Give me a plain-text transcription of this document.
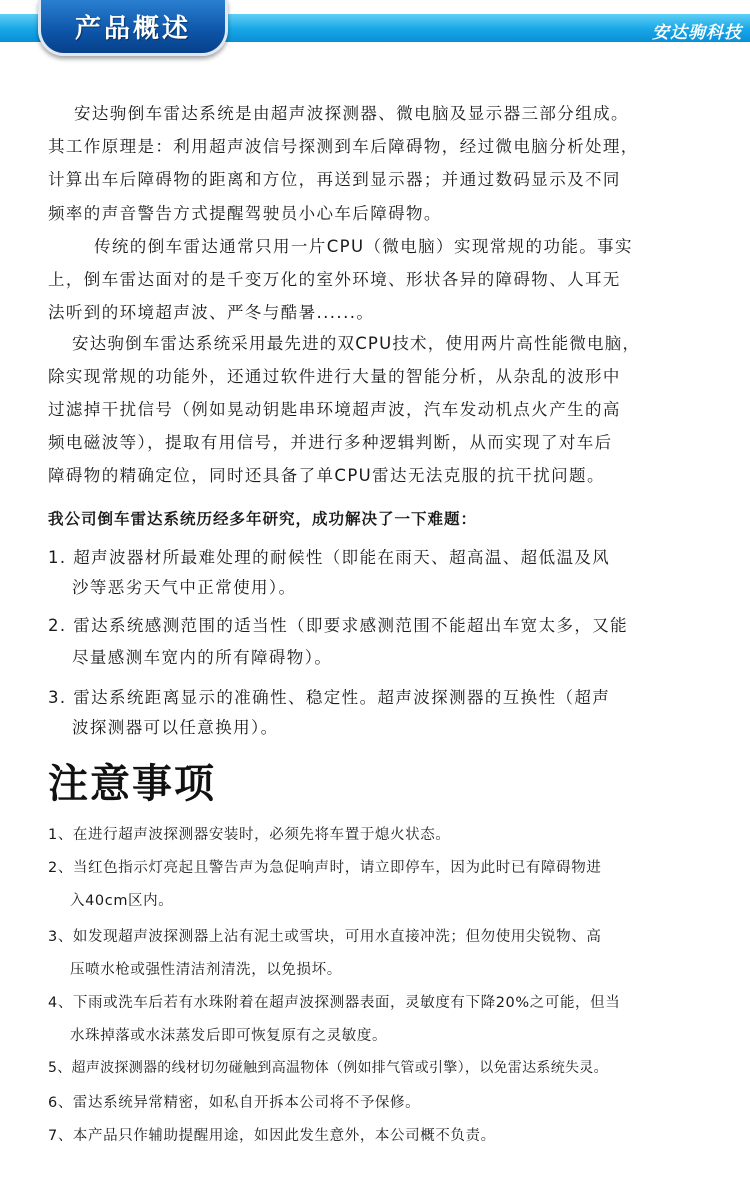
产品概述	安达驹科技
安达驹倒车雷达系统是由超声波探测器、微电脑及显示器三部分组成。
其工作原理是：利用超声波信号探测到车后障碍物，经过微电脑分析处理，
计算出车后障碍物的距离和方位，再送到显示器；并通过数码显示及不同
频率的声音警告方式提醒驾驶员小心车后障碍物。
传统的倒车雷达通常只用一片CPU（微电脑）实现常规的功能。事实
上，倒车雷达面对的是千变万化的室外环境、形状各异的障碍物、人耳无
法听到的环境超声波、严冬与酷暑......。
安达驹倒车雷达系统采用最先进的双CPU技术，使用两片高性能微电脑，
除实现常规的功能外，还通过软件进行大量的智能分析，从杂乱的波形中
过滤掉干扰信号（例如晃动钥匙串环境超声波，汽车发动机点火产生的高
频电磁波等），提取有用信号，并进行多种逻辑判断，从而实现了对车后
障碍物的精确定位，同时还具备了单CPU雷达无法克服的抗干扰问题。
我公司倒车雷达系统历经多年研究，成功解决了一下难题：
1. 超声波器材所最难处理的耐候性（即能在雨天、超高温、超低温及风
沙等恶劣天气中正常使用）。
2. 雷达系统感测范围的适当性（即要求感测范围不能超出车宽太多，又能
尽量感测车宽内的所有障碍物）。
3. 雷达系统距离显示的准确性、稳定性。超声波探测器的互换性（超声
波探测器可以任意换用）。
注意事项
1、在进行超声波探测器安装时，必须先将车置于熄火状态。
2、当红色指示灯亮起且警告声为急促响声时，请立即停车，因为此时已有障碍物进
入40cm区内。
3、如发现超声波探测器上沾有泥土或雪块，可用水直接冲洗；但勿使用尖锐物、高
压喷水枪或强性清洁剂清洗，以免损坏。
4、下雨或洗车后若有水珠附着在超声波探测器表面，灵敏度有下降20%之可能，但当
水珠掉落或水沫蒸发后即可恢复原有之灵敏度。
5、超声波探测器的线材切勿碰触到高温物体（例如排气管或引擎），以免雷达系统失灵。
6、雷达系统异常精密，如私自开拆本公司将不予保修。
7、本产品只作辅助提醒用途，如因此发生意外，本公司概不负责。
